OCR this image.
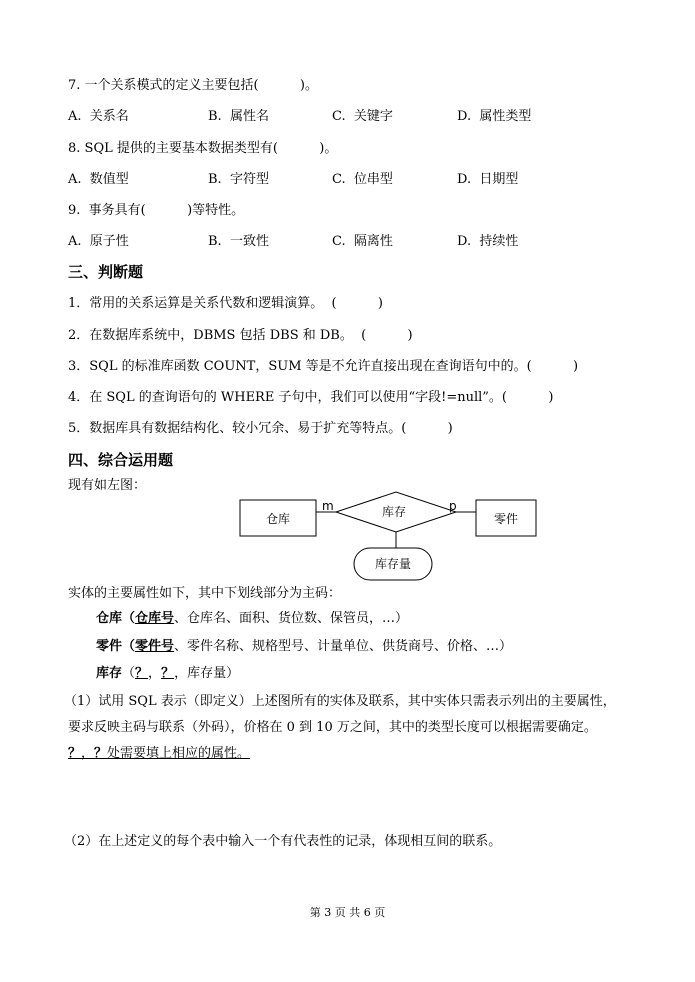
7. 一个关系模式的定义主要包括(          )。
A.  关系名	B.  属性名	C.  关键字	D.  属性类型
8. SQL 提供的主要基本数据类型有(          )。
A.  数值型	B.  字符型	C.  位串型	D.  日期型
9.  事务具有(          )等特性。
A.  原子性	B.  一致性	C.  隔离性	D.  持续性
三、判断题
1．常用的关系运算是关系代数和逻辑演算。  (          )
2．在数据库系统中，DBMS 包括 DBS 和 DB。  (          )
3．SQL 的标准库函数 COUNT，SUM 等是不允许直接出现在查询语句中的。(          )
4．在 SQL 的查询语句的 WHERE 子句中，我们可以使用“字段!=null”。(          )
5．数据库具有数据结构化、较小冗余、易于扩充等特点。(          )
四、综合运用题
现有如左图：
仓库
m	库存	p
零件
库存量
实体的主要属性如下，其中下划线部分为主码：
仓库（仓库号、仓库名、面积、货位数、保管员，…）
零件（零件号、零件名称、规格型号、计量单位、供货商号、价格、…）
库存（？，？，库存量）
（1）试用 SQL 表示（即定义）上述图所有的实体及联系，其中实体只需表示列出的主要属性，
要求反映主码与联系（外码），价格在 0 到 10 万之间，其中的类型长度可以根据需要确定。
？，？处需要填上相应的属性。
（2）在上述定义的每个表中输入一个有代表性的记录，体现相互间的联系。
第 3 页 共 6 页
